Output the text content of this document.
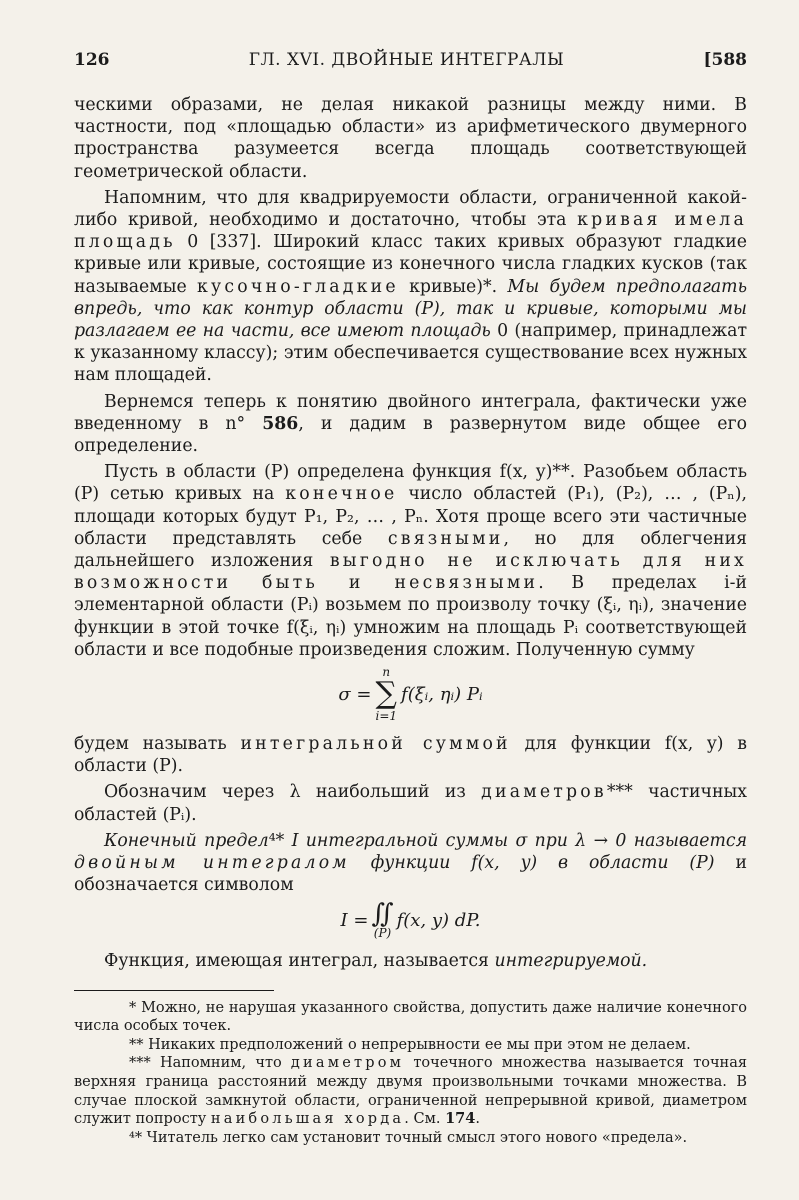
126	ГЛ. XVI. ДВОЙНЫЕ ИНТЕГРАЛЫ	[588

ческими образами, не делая никакой разницы между ними. В частности, под «площадью области» из арифметического двумерного пространства разумеется всегда площадь соответствующей геометрической области.

Напомним, что для квадрируемости области, ограниченной какой-либо кривой, необходимо и достаточно, чтобы эта кривая имела площадь 0 [337]. Широкий класс таких кривых образуют гладкие кривые или кривые, состоящие из конечного числа гладких кусков (так называемые кусочно-гладкие кривые)*. Мы будем предполагать впредь, что как контур области (P), так и кривые, которыми мы разлагаем ее на части, все имеют площадь 0 (например, принадлежат к указанному классу); этим обеспечивается существование всех нужных нам площадей.

Вернемся теперь к понятию двойного интеграла, фактически уже введенному в n° 586, и дадим в развернутом виде общее его определение.

Пусть в области (P) определена функция f(x, y)**. Разобьем область (P) сетью кривых на конечное число областей (P₁), (P₂), … , (Pₙ), площади которых будут P₁, P₂, … , Pₙ. Хотя проще всего эти частичные области представлять себе связными, но для облегчения дальнейшего изложения выгодно не исключать для них возможности быть и несвязными. В пределах i-й элементарной области (Pᵢ) возьмем по произволу точку (ξᵢ, ηᵢ), значение функции в этой точке f(ξᵢ, ηᵢ) умножим на площадь Pᵢ соответствующей области и все подобные произведения сложим. Полученную сумму

σ =
n
∑
i=1
f(ξᵢ, ηᵢ) Pᵢ

будем называть интегральной суммой для функции f(x, y) в области (P).

Обозначим через λ наибольший из диаметров*** частичных областей (Pᵢ).

Конечный предел⁴* I интегральной суммы σ при λ → 0 называется двойным интегралом функции f(x, y) в области (P) и обозначается символом

I = ∬
(P)
f(x, y) dP.

Функция, имеющая интеграл, называется интегрируемой.

* Можно, не нарушая указанного свойства, допустить даже наличие конечного числа особых точек.

** Никаких предположений о непрерывности ее мы при этом не делаем.

*** Напомним, что диаметром точечного множества называется точная верхняя граница расстояний между двумя произвольными точками множества. В случае плоской замкнутой области, ограниченной непрерывной кривой, диаметром служит попросту наибольшая хорда. См. 174.

⁴* Читатель легко сам установит точный смысл этого нового «предела».
